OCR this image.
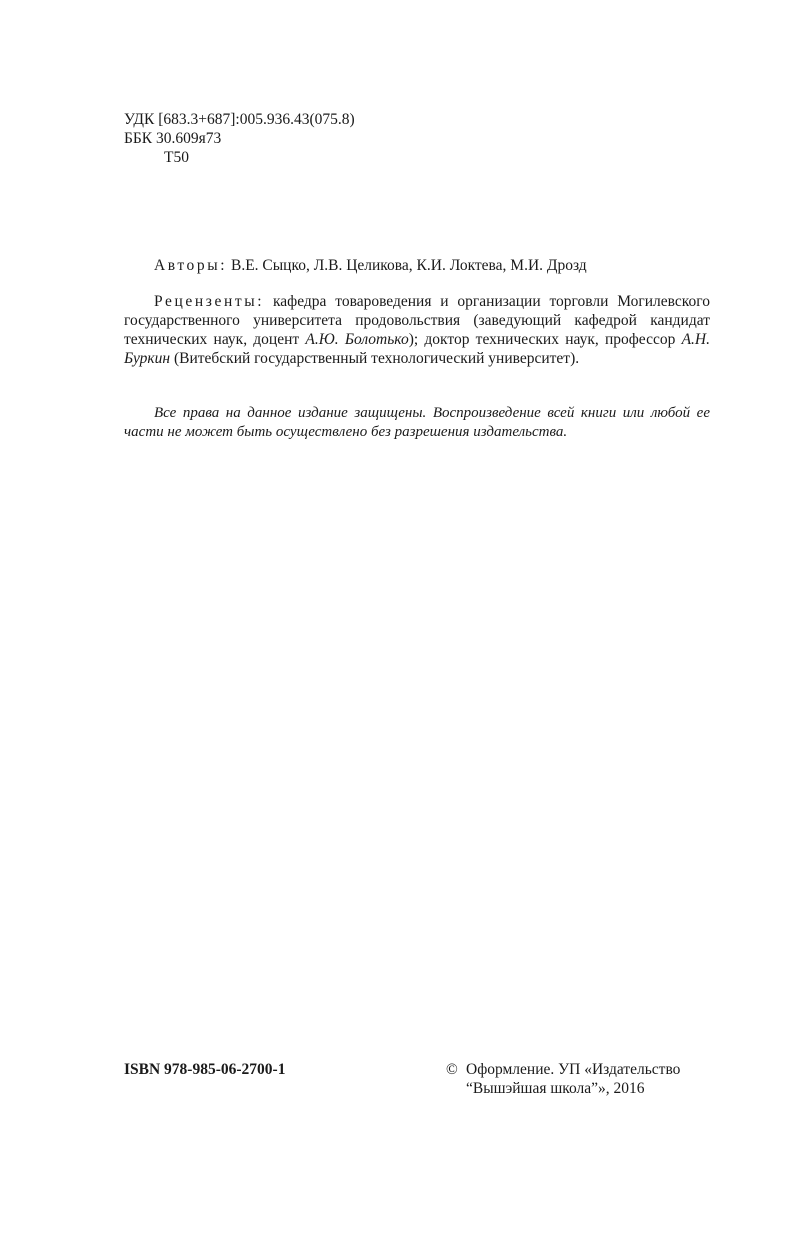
УДК [683.3+687]:005.936.43(075.8)
ББК 30.609я73
Т50
Авторы: В.Е. Сыцко, Л.В. Целикова, К.И. Локтева, М.И. Дрозд
Рецензенты: кафедра товароведения и организации торговли Могилевского государственного университета продовольствия (заведующий кафедрой кандидат технических наук, доцент А.Ю. Болотько); доктор технических наук, профессор А.Н. Буркин (Витебский государственный технологический университет).
Все права на данное издание защищены. Воспроизведение всей книги или любой ее части не может быть осуществлено без разрешения издательства.
ISBN 978-985-06-2700-1	© Оформление. УП «Издательство
“Вышэйшая школа”», 2016
